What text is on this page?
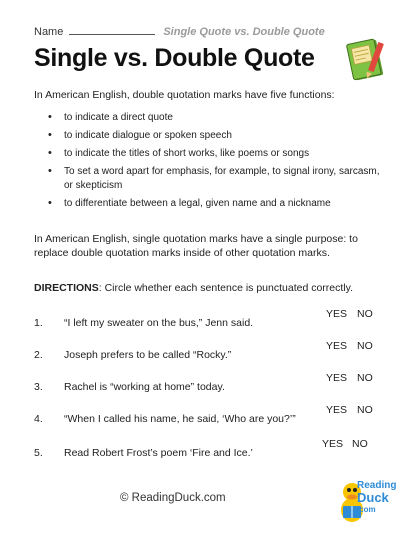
Name	Single Quote vs. Double Quote
Single vs. Double Quote
In American English, double quotation marks have five functions:
• to indicate a direct quote
• to indicate dialogue or spoken speech
• to indicate the titles of short works, like poems or songs
• To set a word apart for emphasis, for example, to signal irony, sarcasm, or skepticism
• to differentiate between a legal, given name and a nickname
In American English, single quotation marks have a single purpose: to replace double quotation marks inside of other quotation marks.
DIRECTIONS: Circle whether each sentence is punctuated correctly.
1. “I left my sweater on the bus,” Jenn said.
YES NO
2. Joseph prefers to be called “Rocky.”
YES NO
3. Rachel is “working at home” today.
YES NO
4. “When I called his name, he said, ‘Who are you?’”
YES NO
5. Read Robert Frost’s poem ‘Fire and Ice.’
YES NO
© ReadingDuck.com
Reading
Duck
.com
